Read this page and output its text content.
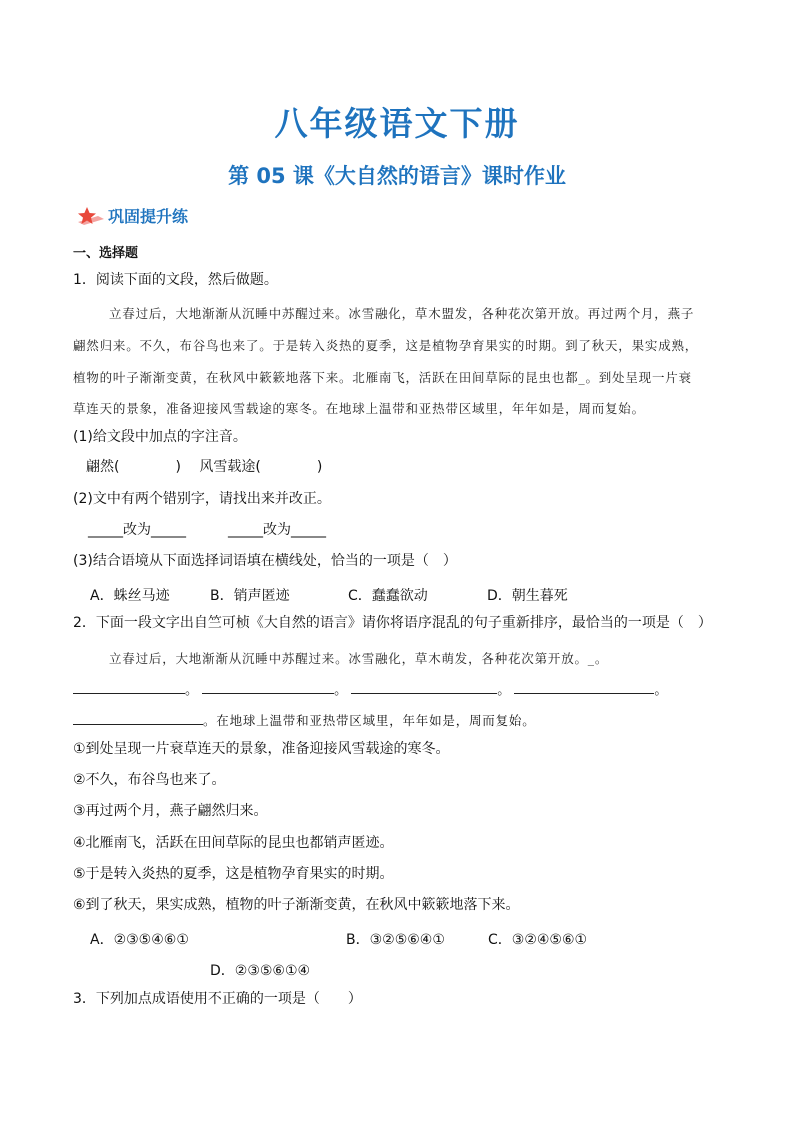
八年级语文下册
第 05 课《大自然的语言》课时作业
巩固提升练
一、选择题
1．阅读下面的文段，然后做题。
立春过后，大地渐渐从沉睡中苏醒过来。冰雪融化，草木盟发，各种花次第开放。再过两个月，燕子
翩然归来。不久，布谷鸟也来了。于是转入炎热的夏季，这是植物孕育果实的时期。到了秋天，果实成熟，
植物的叶子渐渐变黄，在秋风中簌簌地落下来。北雁南飞，活跃在田间草际的昆虫也都_。到处呈现一片衰
草连天的景象，准备迎接风雪载途的寒冬。在地球上温带和亚热带区域里，年年如是，周而复始。
(1)给文段中加点的字注音。
翩然(　　　　)　 风雪载途(　　　　)
(2)文中有两个错别字，请找出来并改正。
_____改为_____　　　_____改为_____
(3)结合语境从下面选择词语填在横线处，恰当的一项是（　）
A．蛛丝马迹	B．销声匿迹	C．蠢蠢欲动	D．朝生暮死
2．下面一段文字出自竺可桢《大自然的语言》请你将语序混乱的句子重新排序，最恰当的一项是（　）
立春过后，大地渐渐从沉睡中苏醒过来。冰雪融化，草木萌发，各种花次第开放。_。
。	。	。	。
。在地球上温带和亚热带区域里，年年如是，周而复始。
①到处呈现一片衰草连天的景象，准备迎接风雪载途的寒冬。
②不久，布谷鸟也来了。
③再过两个月，燕子翩然归来。
④北雁南飞，活跃在田间草际的昆虫也都销声匿迹。
⑤于是转入炎热的夏季，这是植物孕育果实的时期。
⑥到了秋天，果实成熟，植物的叶子渐渐变黄，在秋风中簌簌地落下来。
A．②③⑤④⑥①	B．③②⑤⑥④①	C．③②④⑤⑥①
D．②③⑤⑥①④
3．下列加点成语使用不正确的一项是（　　）
